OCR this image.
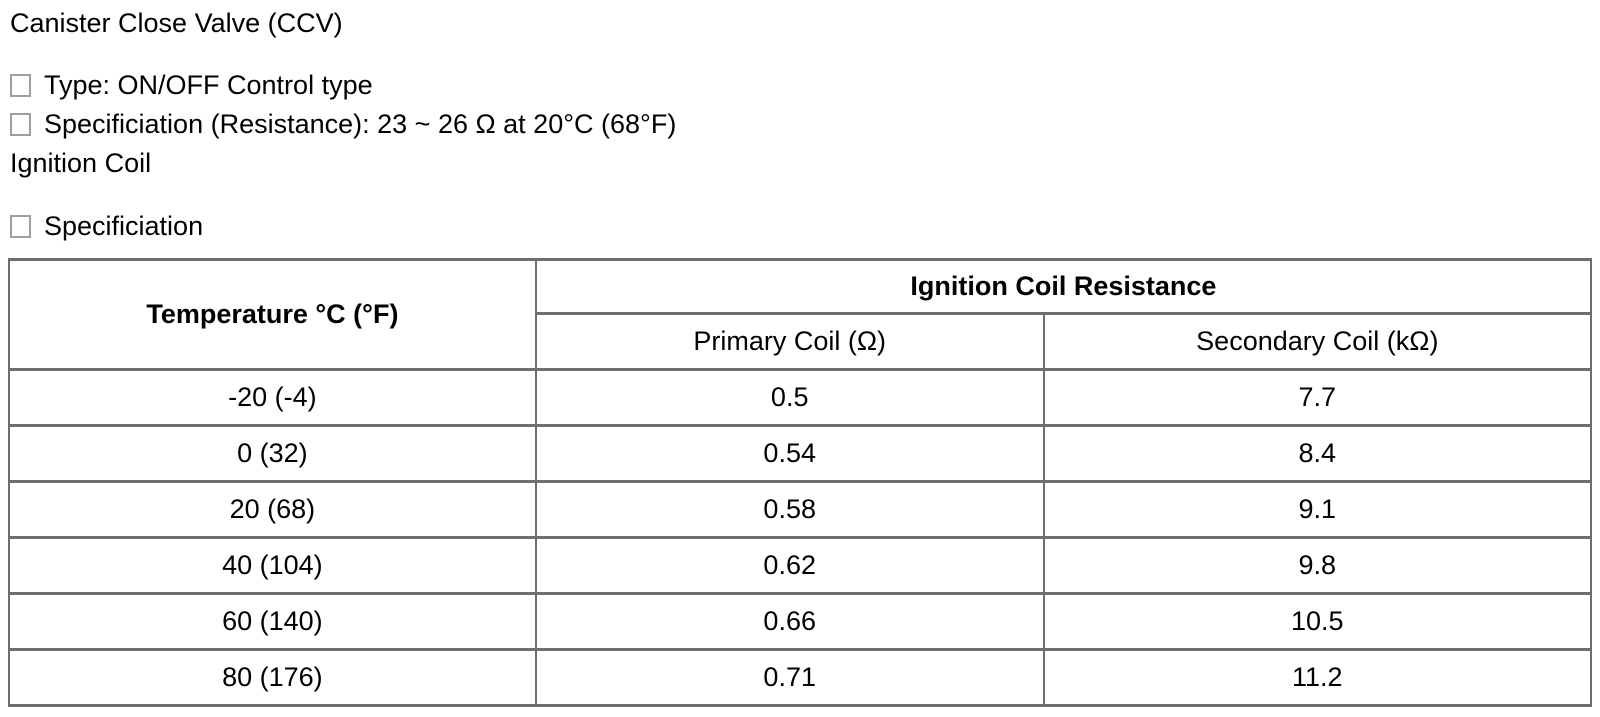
Canister Close Valve (CCV)
Type: ON/OFF Control type
Specificiation (Resistance): 23 ~ 26 Ω at 20°C (68°F)
Ignition Coil
Specificiation
Temperature °C (°F)	Ignition Coil Resistance	
	Primary Coil (Ω)	Secondary Coil (kΩ)
-20 (-4)	0.5	7.7
0 (32)	0.54	8.4
20 (68)	0.58	9.1
40 (104)	0.62	9.8
60 (140)	0.66	10.5
80 (176)	0.71	11.2
